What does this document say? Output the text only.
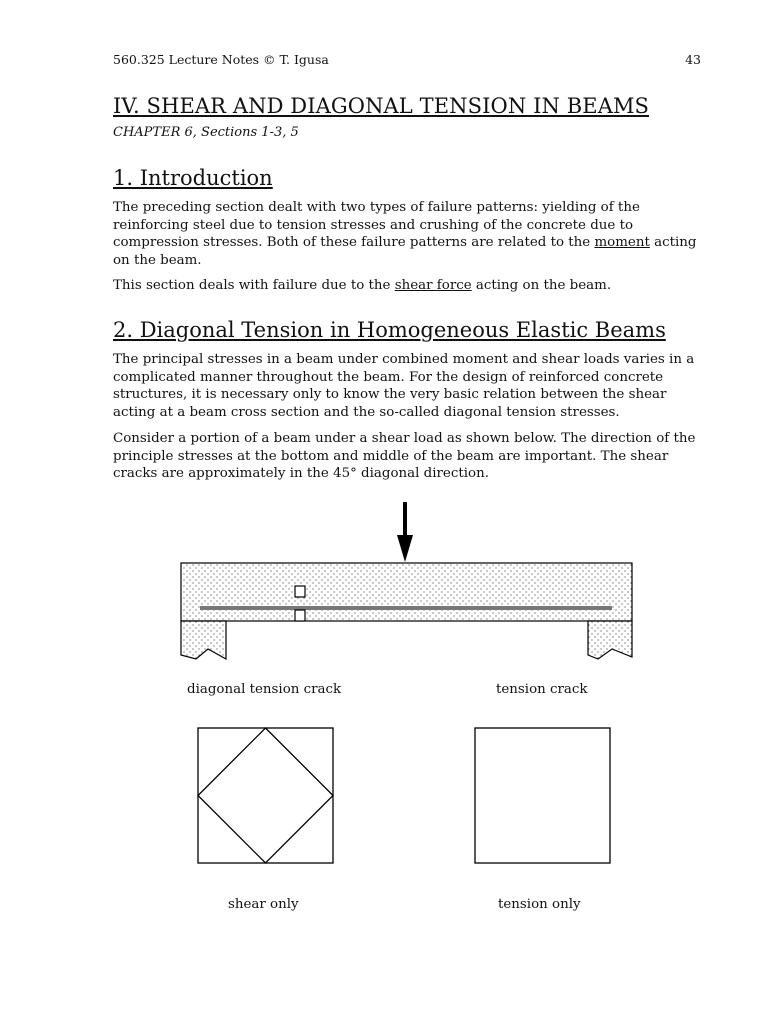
560.325 Lecture Notes © T. Igusa	43
IV. SHEAR AND DIAGONAL TENSION IN BEAMS
CHAPTER 6, Sections 1-3, 5
1. Introduction

The preceding section dealt with two types of failure patterns: yielding of the reinforcing steel due to tension stresses and crushing of the concrete due to compression stresses. Both of these failure patterns are related to the moment acting on the beam.

This section deals with failure due to the shear force acting on the beam.

2. Diagonal Tension in Homogeneous Elastic Beams
The principal stresses in a beam under combined moment and shear loads varies in a complicated manner throughout the beam. For the design of reinforced concrete structures, it is necessary only to know the very basic relation between the shear acting at a beam cross section and the so-called diagonal tension stresses.
Consider a portion of a beam under a shear load as shown below. The direction of the principle stresses at the bottom and middle of the beam are important. The shear cracks are approximately in the 45° diagonal direction.
diagonal tension crack	tension crack
shear only	tension only
